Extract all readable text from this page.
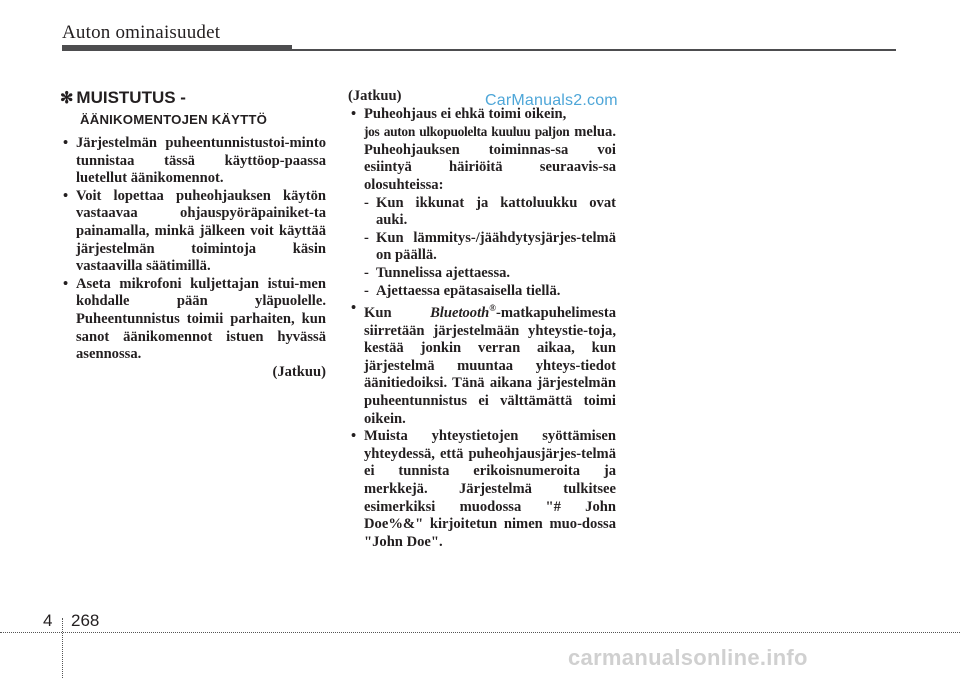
Auton ominaisuudet
✻ MUISTUTUS -
ÄÄNIKOMENTOJEN KÄYTTÖ
• Järjestelmän puheentunnistustoi-minto tunnistaa tässä käyttöop-paassa luetellut äänikomennot.
• Voit lopettaa puheohjauksen käytön vastaavaa ohjauspyöräpainiket-ta painamalla, minkä jälkeen voit käyttää järjestelmän toimintoja käsin vastaavilla säätimillä.
• Aseta mikrofoni kuljettajan istui-men kohdalle pään yläpuolelle. Puheentunnistus toimii parhaiten, kun sanot äänikomennot istuen hyvässä asennossa.
(Jatkuu)
(Jatkuu)
• Puheohjaus ei ehkä toimi oikein,
jos auton ulkopuolelta kuuluu paljon melua. Puheohjauksen toiminnas-sa voi esiintyä häiriöitä seuraavis-sa olosuhteissa:
- Kun ikkunat ja kattoluukku ovat auki.
- Kun lämmitys-/jäähdytysjärjes-telmä on päällä.
- Tunnelissa ajettaessa.
- Ajettaessa epätasaisella tiellä.
• Kun Bluetooth®-matkapuhelimesta siirretään järjestelmään yhteystie-toja, kestää jonkin verran aikaa, kun järjestelmä muuntaa yhteys-tiedot äänitiedoiksi. Tänä aikana järjestelmän puheentunnistus ei välttämättä toimi oikein.
• Muista yhteystietojen syöttämisen yhteydessä, että puheohjausjärjes-telmä ei tunnista erikoisnumeroita ja merkkejä. Järjestelmä tulkitsee esimerkiksi muodossa "# John Doe%&" kirjoitetun nimen muo-dossa "John Doe".
CarManuals2.com
4 268
carmanualsonline.info
